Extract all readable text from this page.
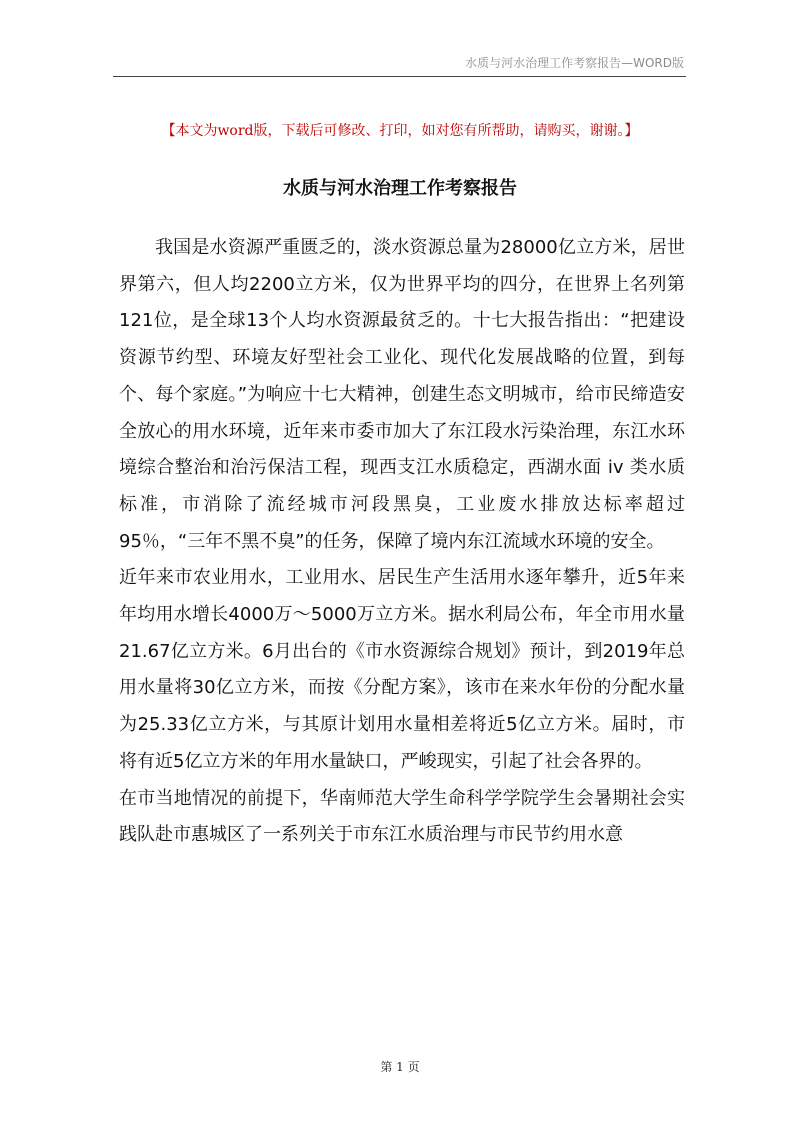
水质与河水治理工作考察报告—WORD版
【本文为word版，下载后可修改、打印，如对您有所帮助，请购买，谢谢。】
水质与河水治理工作考察报告

我国是水资源严重匮乏的，淡水资源总量为28000亿立方米，居世界第六，但人均2200立方米，仅为世界平均的四分，在世界上名列第121位，是全球13个人均水资源最贫乏的。十七大报告指出：“把建设资源节约型、环境友好型社会工业化、现代化发展战略的位置，到每个、每个家庭。”为响应十七大精神，创建生态文明城市，给市民缔造安全放心的用水环境，近年来市委市加大了东江段水污染治理，东江水环境综合整治和治污保洁工程，现西支江水质稳定，西湖水面 iv 类水质标准，市消除了流经城市河段黑臭，工业废水排放达标率超过95％，“三年不黑不臭”的任务，保障了境内东江流域水环境的安全。

近年来市农业用水，工业用水、居民生产生活用水逐年攀升，近5年来年均用水增长4000万～5000万立方米。据水利局公布，年全市用水量21.67亿立方米。6月出台的《市水资源综合规划》预计，到2019年总用水量将30亿立方米，而按《分配方案》，该市在来水年份的分配水量为25.33亿立方米，与其原计划用水量相差将近5亿立方米。届时，市将有近5亿立方米的年用水量缺口，严峻现实，引起了社会各界的。

在市当地情况的前提下，华南师范大学生命科学学院学生会暑期社会实践队赴市惠城区了一系列关于市东江水质治理与市民节约用水意

第 1 页
